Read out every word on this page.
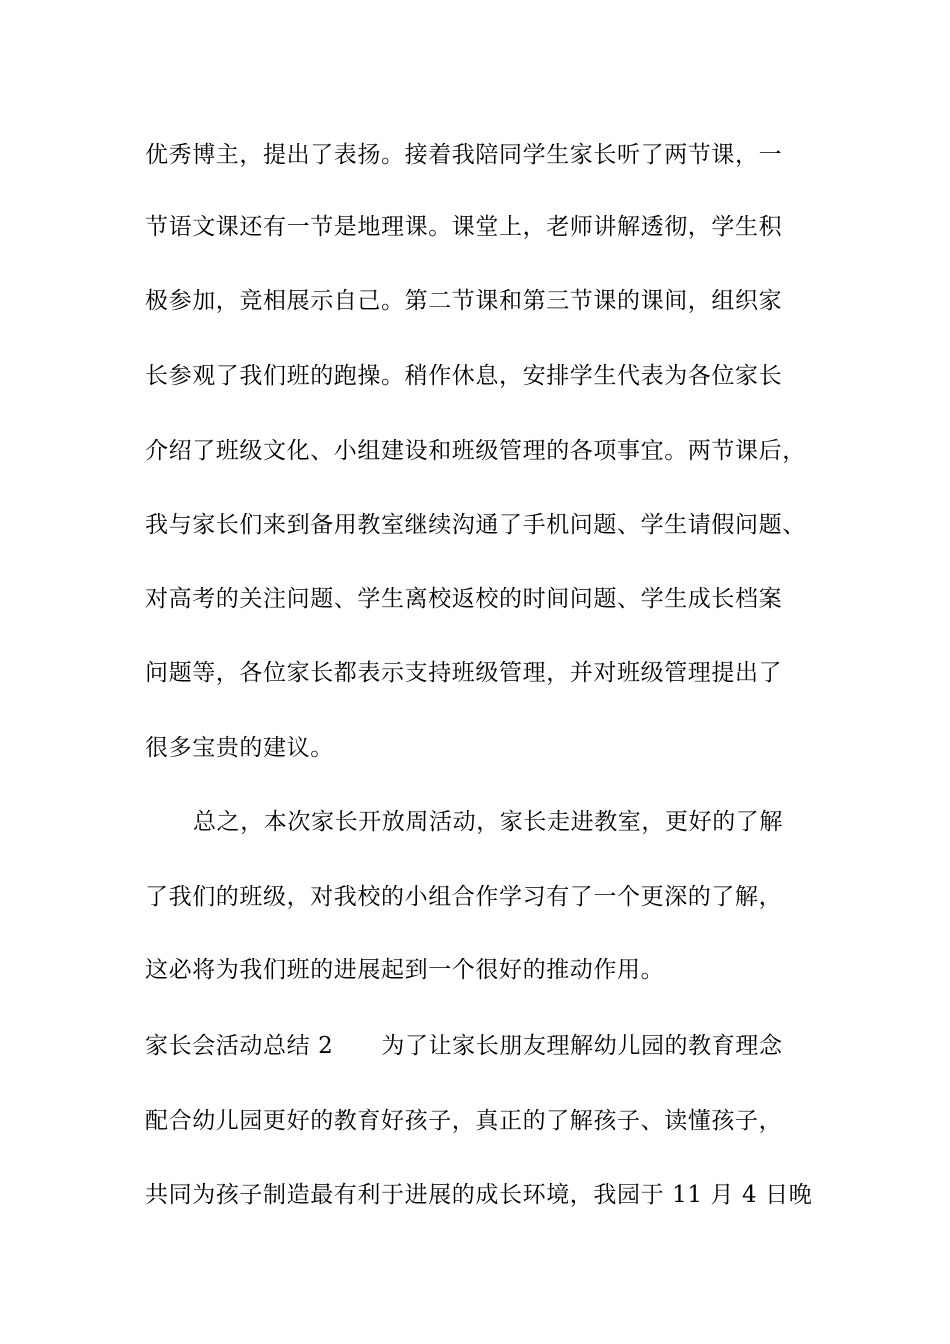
优秀博主，提出了表扬。接着我陪同学生家长听了两节课，一
节语文课还有一节是地理课。课堂上，老师讲解透彻，学生积
极参加，竞相展示自己。第二节课和第三节课的课间，组织家
长参观了我们班的跑操。稍作休息，安排学生代表为各位家长
介绍了班级文化、小组建设和班级管理的各项事宜。两节课后，
我与家长们来到备用教室继续沟通了手机问题、学生请假问题、
对高考的关注问题、学生离校返校的时间问题、学生成长档案
问题等，各位家长都表示支持班级管理，并对班级管理提出了
很多宝贵的建议。
总之，本次家长开放周活动，家长走进教室，更好的了解
了我们的班级，对我校的小组合作学习有了一个更深的了解，
这必将为我们班的进展起到一个很好的推动作用。
家长会活动总结 2 为了让家长朋友理解幼儿园的教育理念
配合幼儿园更好的教育好孩子，真正的了解孩子、读懂孩子，
共同为孩子制造最有利于进展的成长环境，我园于 11 月 4 日晚
